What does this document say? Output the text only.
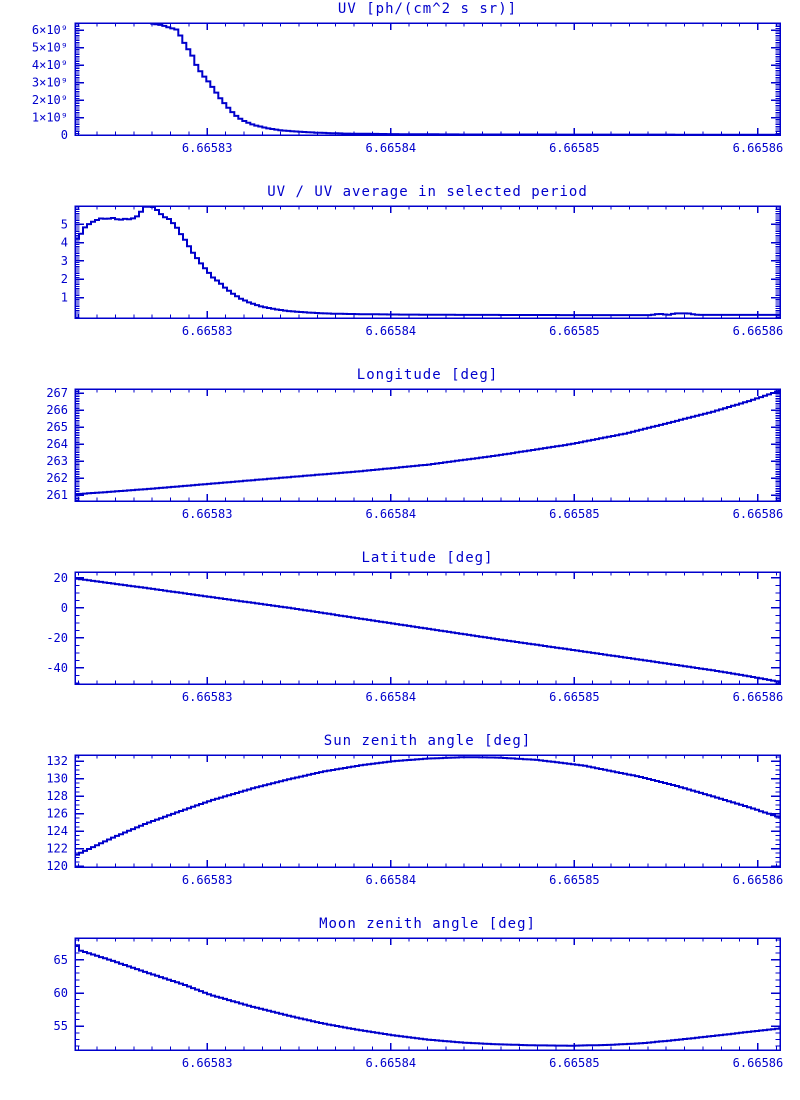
UV [ph/(cm^2 s sr)]
6.66583	6.66584	6.66585	6.66586
0
1×10⁹
2×10⁹
3×10⁹
4×10⁹
5×10⁹
6×10⁹
UV / UV average in selected period
6.66583	6.66584	6.66585	6.66586
1
2
3
4
5
Longitude [deg]
6.66583	6.66584	6.66585	6.66586
261
262
263
264
265
266
267
Latitude [deg]
6.66583	6.66584	6.66585	6.66586
-40
-20
0
20
Sun zenith angle [deg]
6.66583	6.66584	6.66585	6.66586
120
122
124
126
128
130
132
Moon zenith angle [deg]
6.66583	6.66584	6.66585	6.66586
55
60
65
